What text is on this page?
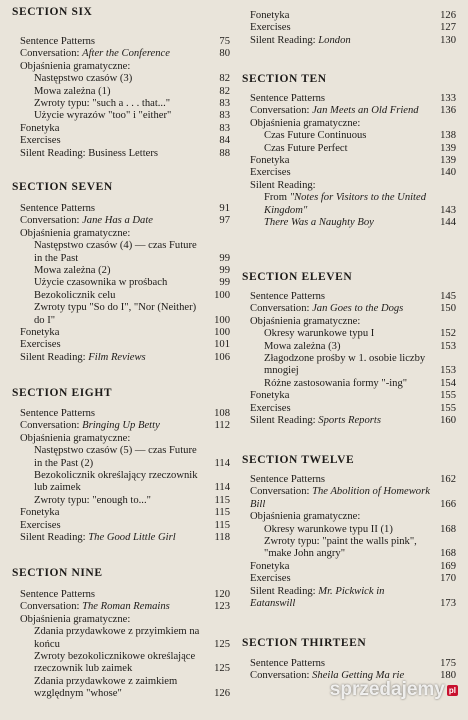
SECTION SIX
Sentence Patterns	75
Conversation: After the Conference	80
Objaśnienia gramatyczne:
Następstwo czasów (3)	82
Mowa zależna (1)	82
Zwroty typu: "such a . . . that..."	83
Użycie wyrazów "too" i "either"	83
Fonetyka	83
Exercises	84
Silent Reading: Business Letters	88
SECTION SEVEN
Sentence Patterns	91
Conversation: Jane Has a Date	97
Objaśnienia gramatyczne:
Następstwo czasów (4) — czas Future in the Past	99
Mowa zależna (2)	99
Użycie czasownika w prośbach	99
Bezokolicznik celu	100
Zwroty typu "So do I", "Nor (Neither) do I"	100
Fonetyka	100
Exercises	101
Silent Reading: Film Reviews	106
SECTION EIGHT
Sentence Patterns	108
Conversation: Bringing Up Betty	112
Objaśnienia gramatyczne:
Następstwo czasów (5) — czas Future in the Past (2)	114
Bezokolicznik określający rzeczownik lub zaimek	114
Zwroty typu: "enough to..."	115
Fonetyka	115
Exercises	115
Silent Reading: The Good Little Girl	118
SECTION NINE
Sentence Patterns	120
Conversation: The Roman Remains	123
Objaśnienia gramatyczne:
Zdania przydawkowe z przyimkiem na końcu	125
Zwroty bezokolicznikowe określające rzeczownik lub zaimek	125
Zdania przydawkowe z zaimkiem względnym "whose"	126
Fonetyka	126
Exercises	127
Silent Reading: London	130
SECTION TEN
Sentence Patterns	133
Conversation: Jan Meets an Old Friend	136
Objaśnienia gramatyczne:
Czas Future Continuous	138
Czas Future Perfect	139
Fonetyka	139
Exercises	140
Silent Reading:
From "Notes for Visitors to the United Kingdom"	143
There Was a Naughty Boy	144
SECTION ELEVEN
Sentence Patterns	145
Conversation: Jan Goes to the Dogs	150
Objaśnienia gramatyczne:
Okresy warunkowe typu I	152
Mowa zależna (3)	153
Złagodzone prośby w 1. osobie liczby mnogiej	153
Różne zastosowania formy "-ing"	154
Fonetyka	155
Exercises	155
Silent Reading: Sports Reports	160
SECTION TWELVE
Sentence Patterns	162
Conversation: The Abolition of Homework Bill	166
Objaśnienia gramatyczne:
Okresy warunkowe typu II (1)	168
Zwroty typu: "paint the walls pink", "make John angry"	168
Fonetyka	169
Exercises	170
Silent Reading: Mr. Pickwick in Eatanswill	173
SECTION THIRTEEN
Sentence Patterns	175
Conversation: Sheila Getting Ma rie	180
sprzedajemy pl
